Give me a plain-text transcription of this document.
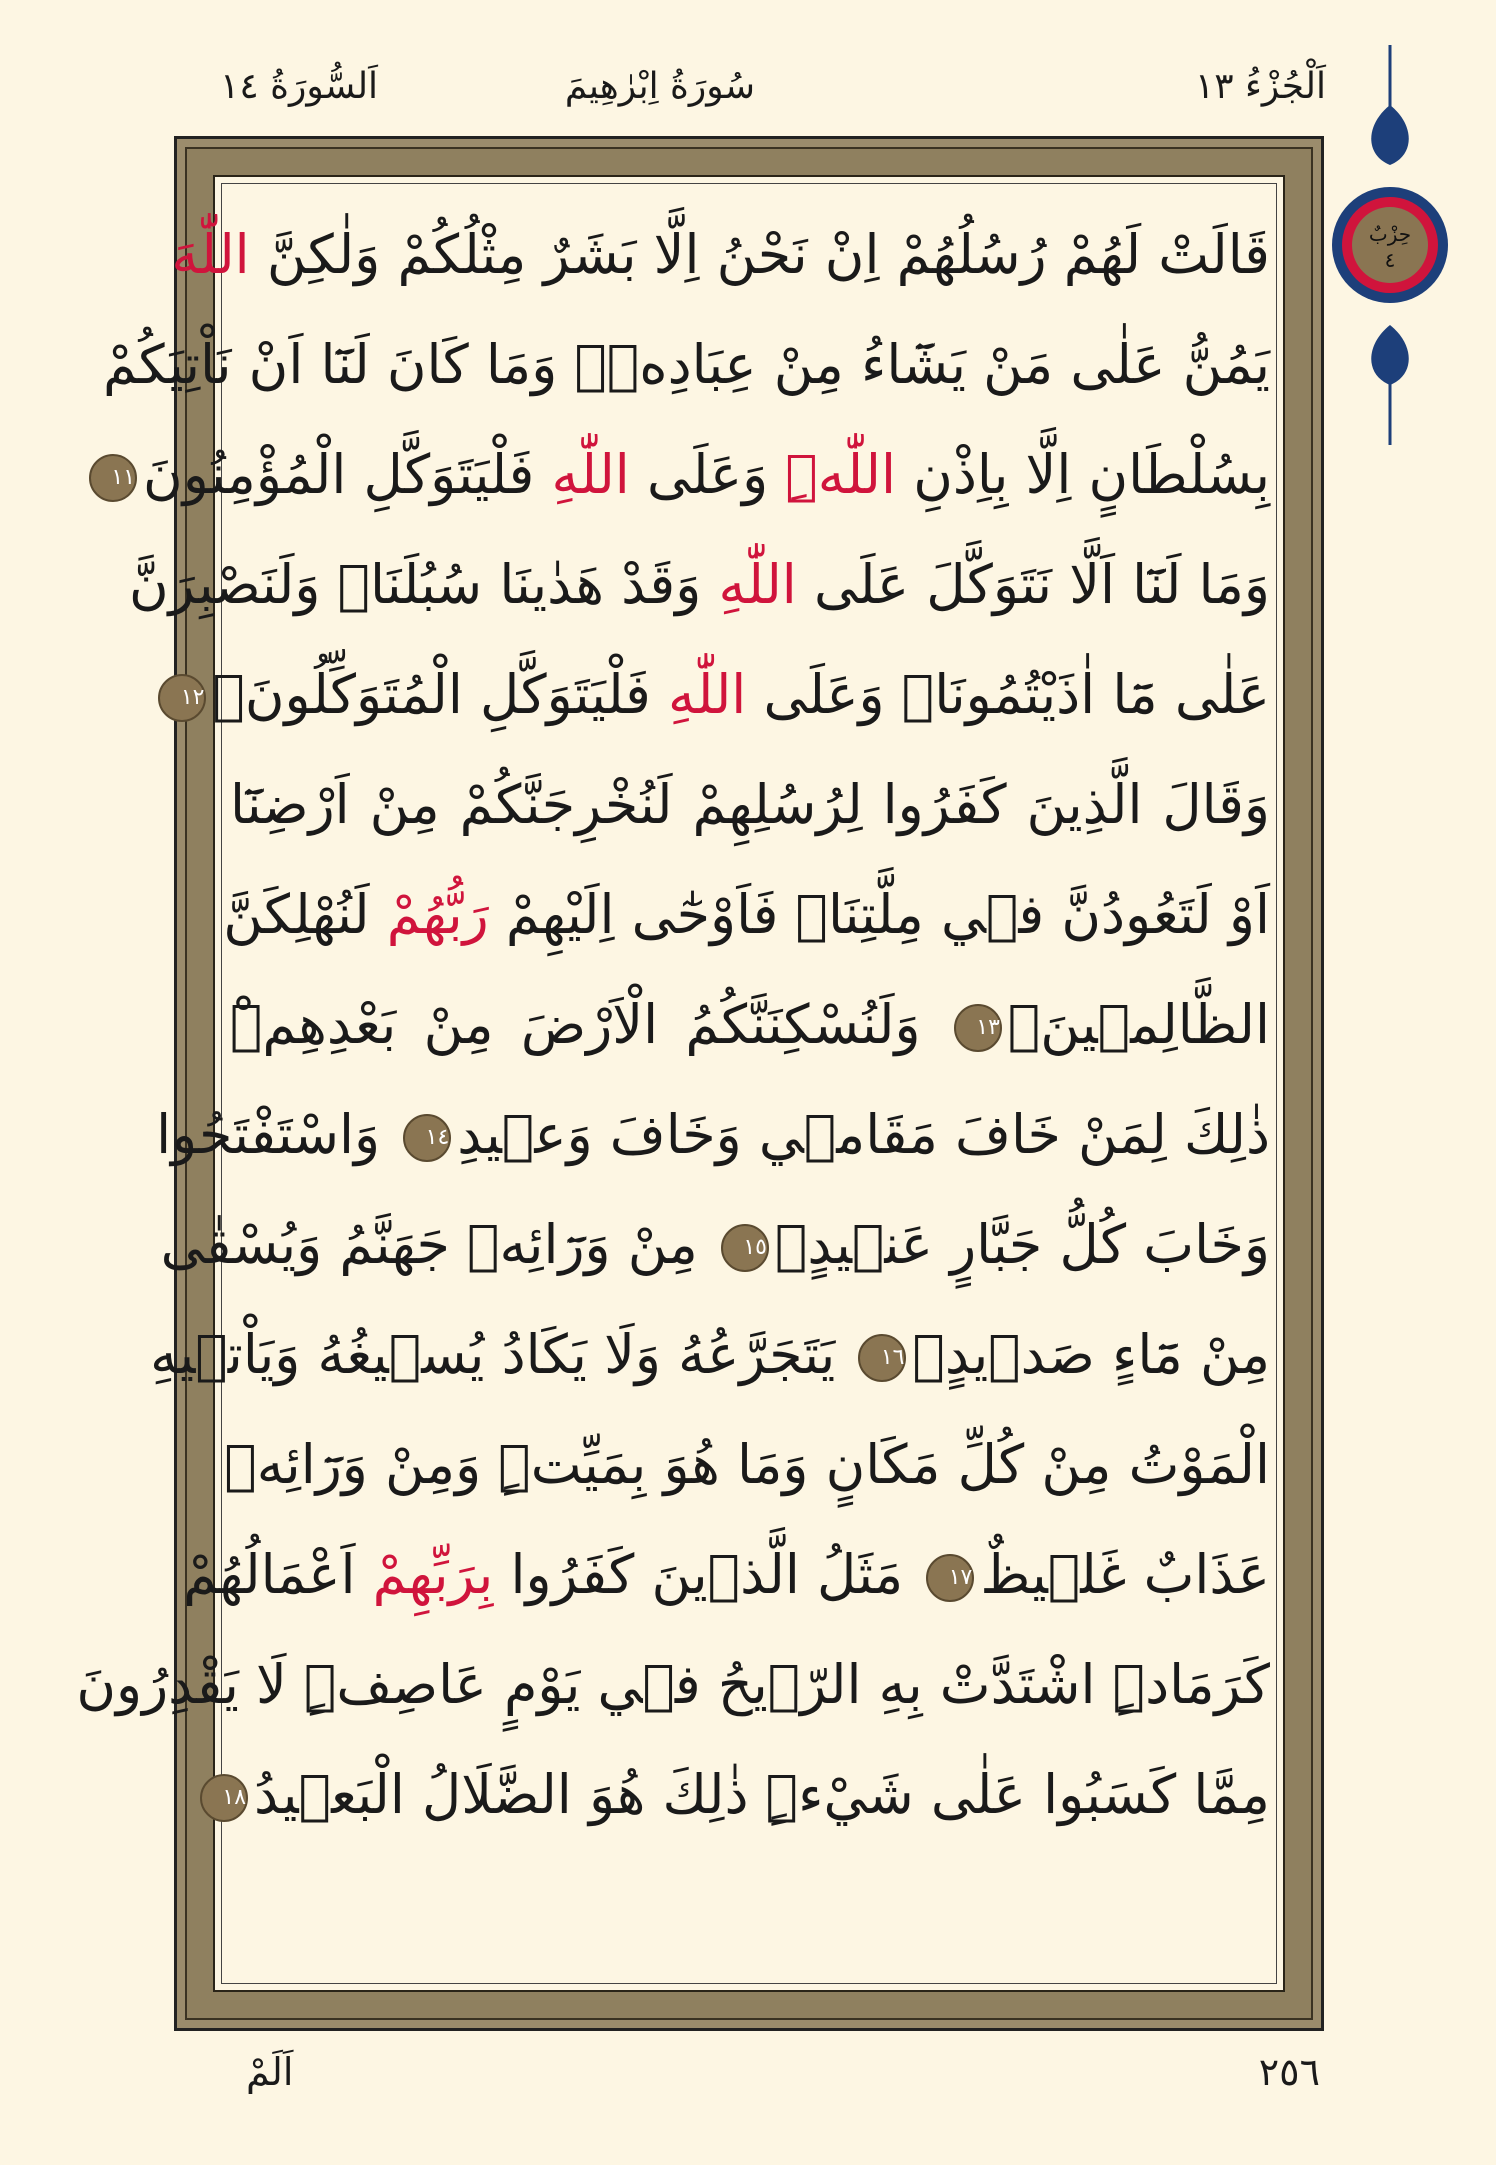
اَلْجُزْءُ ١٣
سُورَةُ اِبْرٰهِيمَ
اَلسُّورَةُ ١٤
حِزْبٌ
٤
قَالَتْ لَهُمْ رُسُلُهُمْ اِنْ نَحْنُ اِلَّا بَشَرٌ مِثْلُكُمْ وَلٰكِنَّ اللّٰهَ
يَمُنُّ عَلٰى مَنْ يَشَٓاءُ مِنْ عِبَادِهٖۜ وَمَا كَانَ لَنَٓا اَنْ نَاْتِيَكُمْ
بِسُلْطَانٍ اِلَّا بِاِذْنِ اللّٰهِۜ وَعَلَى اللّٰهِ فَلْيَتَوَكَّلِ الْمُؤْمِنُونَ١١
وَمَا لَنَٓا اَلَّا نَتَوَكَّلَ عَلَى اللّٰهِ وَقَدْ هَدٰينَا سُبُلَنَاۜ وَلَنَصْبِرَنَّ
عَلٰى مَٓا اٰذَيْتُمُونَاۜ وَعَلَى اللّٰهِ فَلْيَتَوَكَّلِ الْمُتَوَكِّلُونَ۟١٢
وَقَالَ الَّذِينَ كَفَرُوا لِرُسُلِهِمْ لَنُخْرِجَنَّكُمْ مِنْ اَرْضِنَٓا
اَوْ لَتَعُودُنَّ فٖي مِلَّتِنَاۜ فَاَوْحٰٓى اِلَيْهِمْ رَبُّهُمْ لَنُهْلِكَنَّ
الظَّالِمٖينَۙ١٣ وَلَنُسْكِنَنَّكُمُ الْاَرْضَ مِنْ بَعْدِهِمْۜ
ذٰلِكَ لِمَنْ خَافَ مَقَامٖي وَخَافَ وَعٖيدِ١٤ وَاسْتَفْتَحُوا
وَخَابَ كُلُّ جَبَّارٍ عَنٖيدٍۙ١٥ مِنْ وَرَٓائِهٖ جَهَنَّمُ وَيُسْقٰى
مِنْ مَٓاءٍ صَدٖيدٍۙ١٦ يَتَجَرَّعُهُ وَلَا يَكَادُ يُسٖيغُهُ وَيَاْتٖيهِ
الْمَوْتُ مِنْ كُلِّ مَكَانٍ وَمَا هُوَ بِمَيِّتٍۜ وَمِنْ وَرَٓائِهٖ
عَذَابٌ غَلٖيظٌ١٧ مَثَلُ الَّذٖينَ كَفَرُوا بِرَبِّهِمْ اَعْمَالُهُمْ
كَرَمَادٍۨ اشْتَدَّتْ بِهِ الرّٖيحُ فٖي يَوْمٍ عَاصِفٍۜ لَا يَقْدِرُونَ
مِمَّا كَسَبُوا عَلٰى شَيْءٍۜ ذٰلِكَ هُوَ الضَّلَالُ الْبَعٖيدُ١٨
٢٥٦
اَلَمْ
